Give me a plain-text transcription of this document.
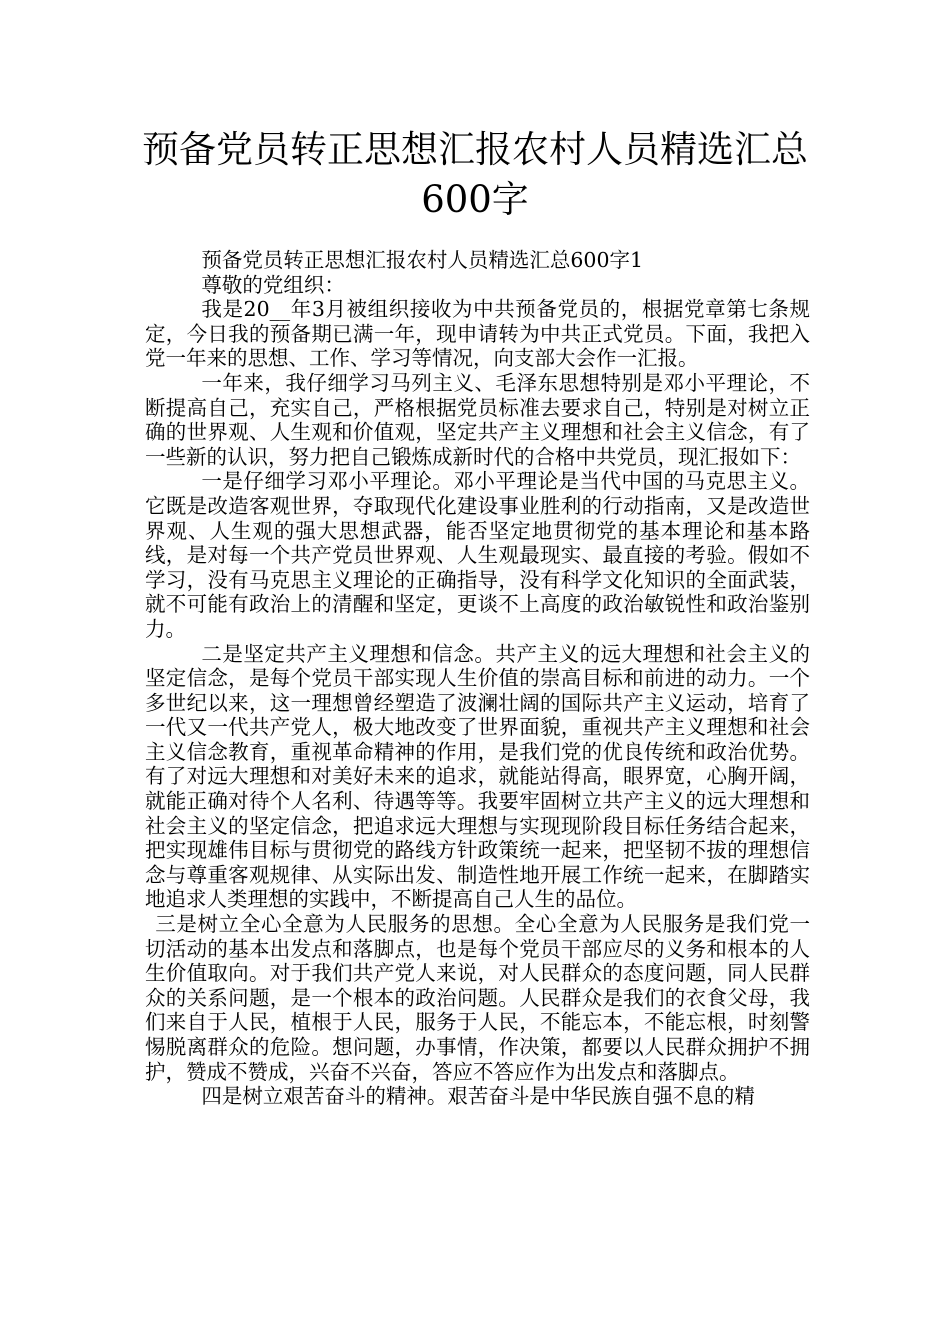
预备党员转正思想汇报农村人员精选汇总
600字

预备党员转正思想汇报农村人员精选汇总600字1

尊敬的党组织：

我是20__年3月被组织接收为中共预备党员的，根据党章第七条规定，今日我的预备期已满一年，现申请转为中共正式党员。下面，我把入党一年来的思想、工作、学习等情况，向支部大会作一汇报。

一年来，我仔细学习马列主义、毛泽东思想特别是邓小平理论，不断提高自己，充实自己，严格根据党员标准去要求自己，特别是对树立正确的世界观、人生观和价值观，坚定共产主义理想和社会主义信念，有了一些新的认识，努力把自己锻炼成新时代的合格中共党员，现汇报如下：

一是仔细学习邓小平理论。邓小平理论是当代中国的马克思主义。它既是改造客观世界，夺取现代化建设事业胜利的行动指南，又是改造世界观、人生观的强大思想武器，能否坚定地贯彻党的基本理论和基本路线，是对每一个共产党员世界观、人生观最现实、最直接的考验。假如不学习，没有马克思主义理论的正确指导，没有科学文化知识的全面武装，就不可能有政治上的清醒和坚定，更谈不上高度的政治敏锐性和政治鉴别力。

二是坚定共产主义理想和信念。共产主义的远大理想和社会主义的坚定信念，是每个党员干部实现人生价值的崇高目标和前进的动力。一个多世纪以来，这一理想曾经塑造了波澜壮阔的国际共产主义运动，培育了一代又一代共产党人，极大地改变了世界面貌，重视共产主义理想和社会主义信念教育，重视革命精神的作用，是我们党的优良传统和政治优势。有了对远大理想和对美好未来的追求，就能站得高，眼界宽，心胸开阔，就能正确对待个人名利、待遇等等。我要牢固树立共产主义的远大理想和社会主义的坚定信念，把追求远大理想与实现现阶段目标任务结合起来，把实现雄伟目标与贯彻党的路线方针政策统一起来，把坚韧不拔的理想信念与尊重客观规律、从实际出发、制造性地开展工作统一起来，在脚踏实地追求人类理想的实践中，不断提高自己人生的品位。

三是树立全心全意为人民服务的思想。全心全意为人民服务是我们党一切活动的基本出发点和落脚点，也是每个党员干部应尽的义务和根本的人生价值取向。对于我们共产党人来说，对人民群众的态度问题，同人民群众的关系问题，是一个根本的政治问题。人民群众是我们的衣食父母，我们来自于人民，植根于人民，服务于人民，不能忘本，不能忘根，时刻警惕脱离群众的危险。想问题，办事情，作决策，都要以人民群众拥护不拥护，赞成不赞成，兴奋不兴奋，答应不答应作为出发点和落脚点。

四是树立艰苦奋斗的精神。艰苦奋斗是中华民族自强不息的精
